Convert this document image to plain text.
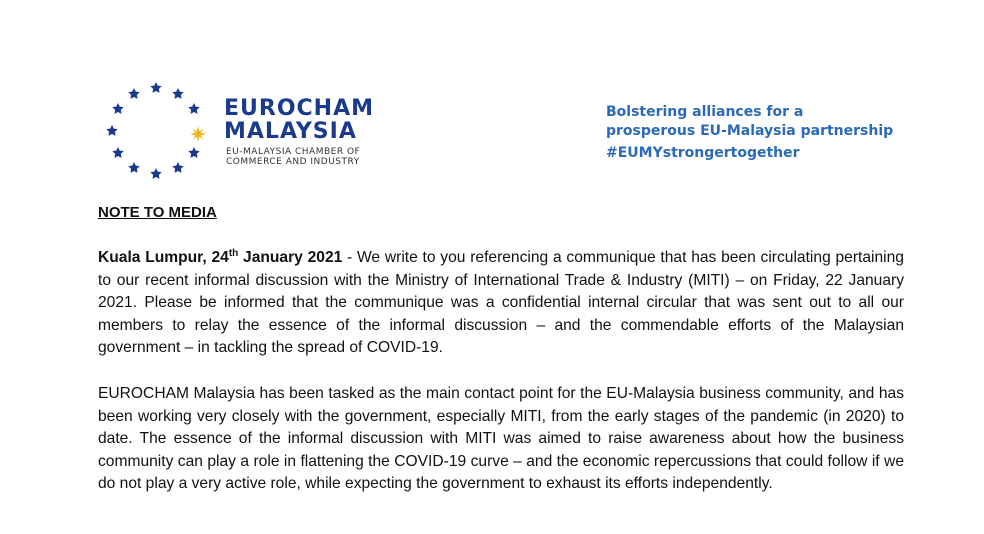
EUROCHAM
MALAYSIA
EU-MALAYSIA CHAMBER OF
COMMERCE AND INDUSTRY
Bolstering alliances for a
prosperous EU-Malaysia partnership
#EUMYstrongertogether
NOTE TO MEDIA

Kuala Lumpur, 24th January 2021 - We write to you referencing a communique that has been circulating pertaining to our recent informal discussion with the Ministry of International Trade & Industry (MITI) – on Friday, 22 January 2021. Please be informed that the communique was a confidential internal circular that was sent out to all our members to relay the essence of the informal discussion – and the commendable efforts of the Malaysian government – in tackling the spread of COVID-19.

EUROCHAM Malaysia has been tasked as the main contact point for the EU-Malaysia business community, and has been working very closely with the government, especially MITI, from the early stages of the pandemic (in 2020) to date. The essence of the informal discussion with MITI was aimed to raise awareness about how the business community can play a role in flattening the COVID-19 curve – and the economic repercussions that could follow if we do not play a very active role, while expecting the government to exhaust its efforts independently.
